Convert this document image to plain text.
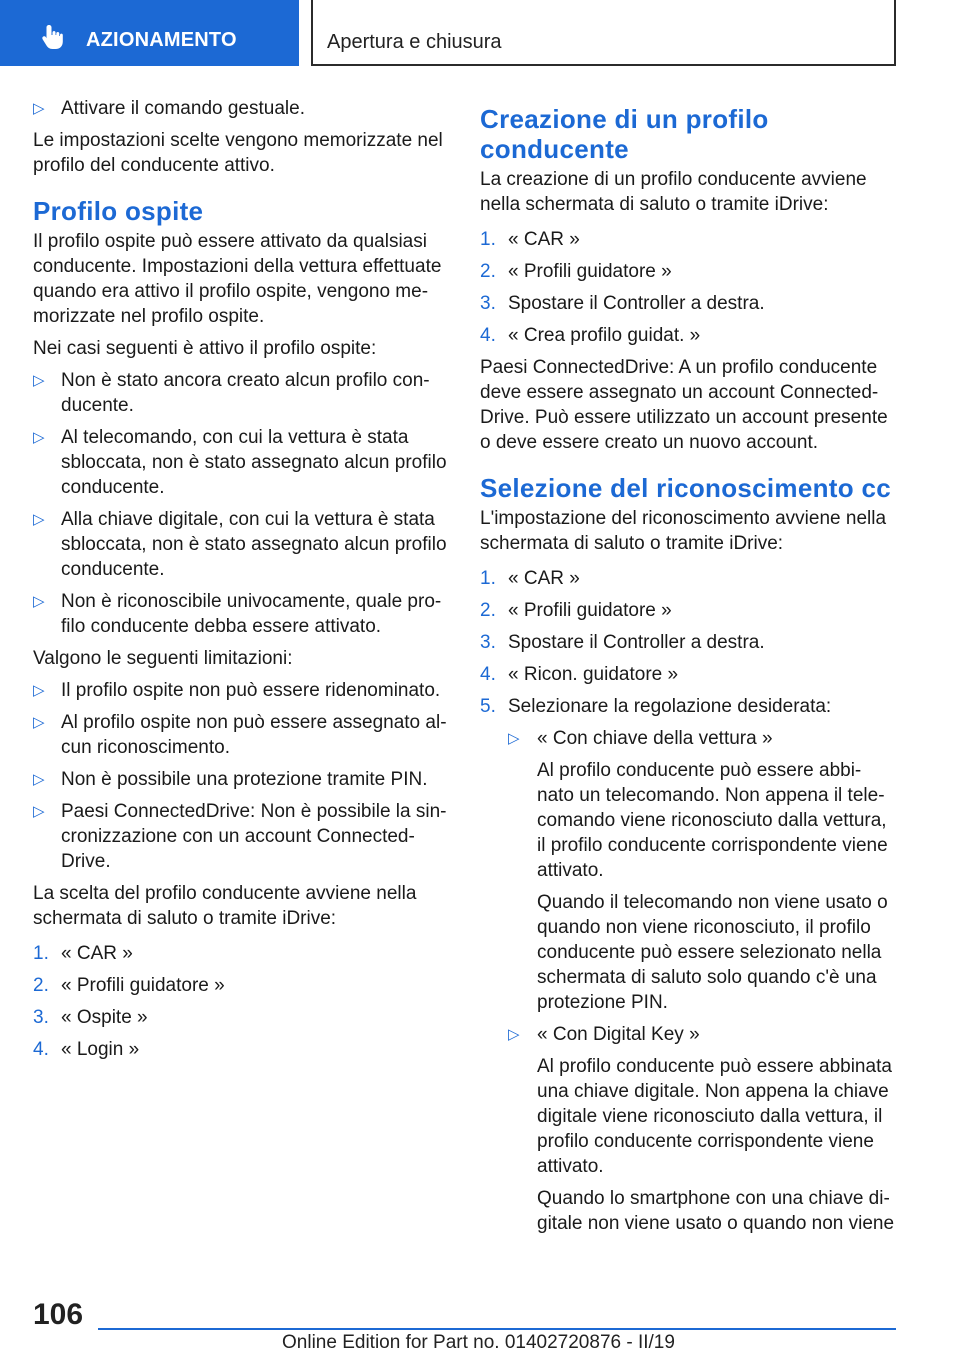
AZIONAMENTO	Apertura e chiusura
▷ Attivare il comando gestuale.

Le impostazioni scelte vengono memorizzate nel profilo del conducente attivo.

Profilo ospite

Il profilo ospite può essere attivato da qualsiasi conducente. Impostazioni della vettura effettuate quando era attivo il profilo ospite, vengono me-morizzate nel profilo ospite.

Nei casi seguenti è attivo il profilo ospite:

▷ Non è stato ancora creato alcun profilo con-ducente.
▷ Al telecomando, con cui la vettura è stata sbloccata, non è stato assegnato alcun profilo conducente.
▷ Alla chiave digitale, con cui la vettura è stata sbloccata, non è stato assegnato alcun profilo conducente.
▷ Non è riconoscibile univocamente, quale pro-filo conducente debba essere attivato.

Valgono le seguenti limitazioni:

▷ Il profilo ospite non può essere ridenominato.
▷ Al profilo ospite non può essere assegnato al-cun riconoscimento.
▷ Non è possibile una protezione tramite PIN.
▷ Paesi ConnectedDrive: Non è possibile la sin-cronizzazione con un account Connected-Drive.

La scelta del profilo conducente avviene nella schermata di saluto o tramite iDrive:

1. « CAR »
2. « Profili guidatore »
3. « Ospite »
4. « Login »
Creazione di un profilo conducente

La creazione di un profilo conducente avviene nella schermata di saluto o tramite iDrive:

1. « CAR »
2. « Profili guidatore »
3. Spostare il Controller a destra.
4. « Crea profilo guidat. »

Paesi ConnectedDrive: A un profilo conducente deve essere assegnato un account Connected-Drive. Può essere utilizzato un account presente o deve essere creato un nuovo account.

Selezione del riconoscimento cc

L'impostazione del riconoscimento avviene nella schermata di saluto o tramite iDrive:

1. « CAR »
2. « Profili guidatore »
3. Spostare il Controller a destra.
4. « Ricon. guidatore »
5. Selezionare la regolazione desiderata:
▷ « Con chiave della vettura »

Al profilo conducente può essere abbi-nato un telecomando. Non appena il tele-comando viene riconosciuto dalla vettura, il profilo conducente corrispondente viene attivato.

Quando il telecomando non viene usato o quando non viene riconosciuto, il profilo conducente può essere selezionato nella schermata di saluto solo quando c'è una protezione PIN.

▷ « Con Digital Key »

Al profilo conducente può essere abbinata una chiave digitale. Non appena la chiave digitale viene riconosciuto dalla vettura, il profilo conducente corrispondente viene attivato.

Quando lo smartphone con una chiave di-gitale non viene usato o quando non viene

106
Online Edition for Part no. 01402720876 - II/19
